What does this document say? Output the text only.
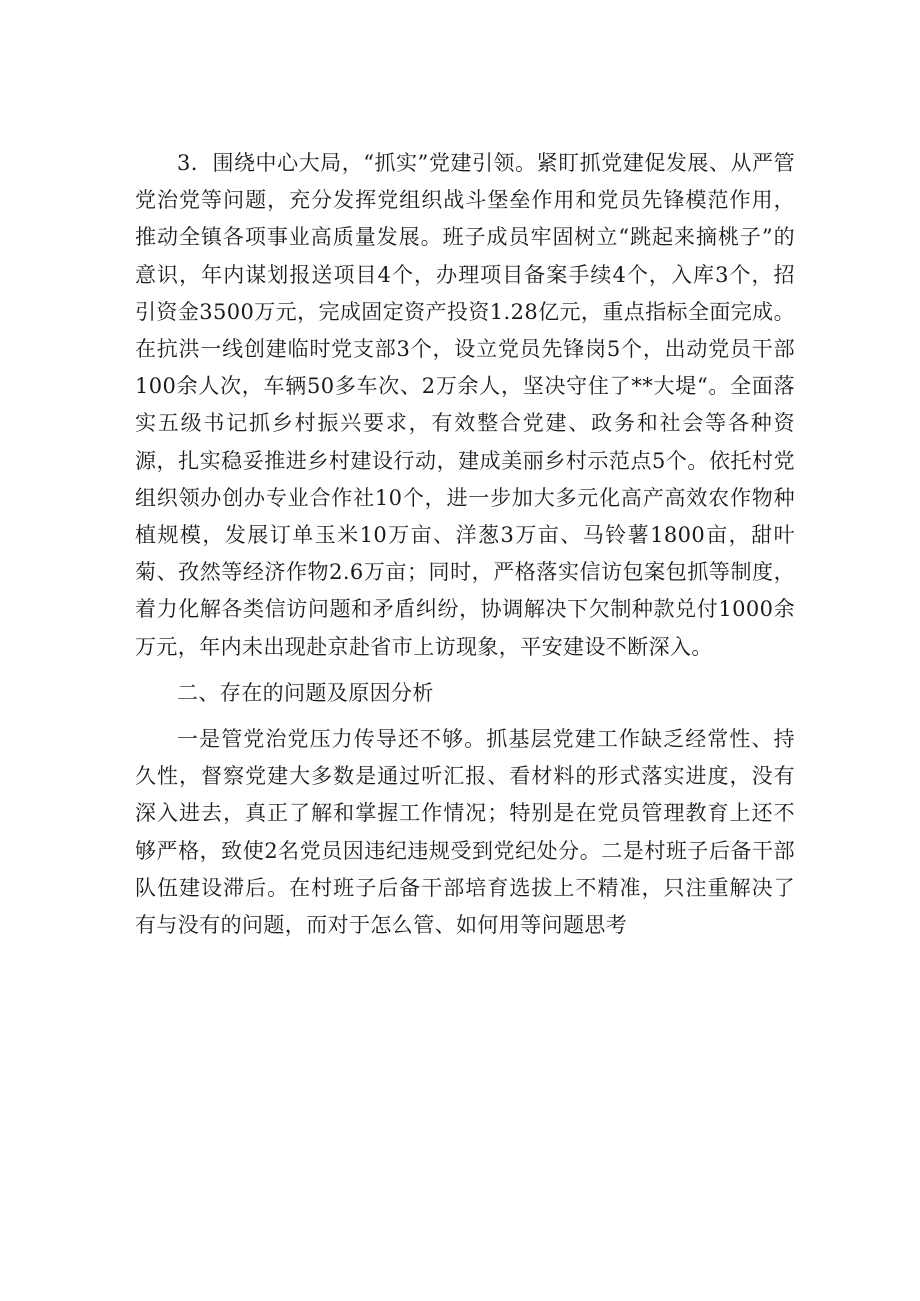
3．围绕中心大局，“抓实”党建引领。紧盯抓党建促发展、从严管党治党等问题，充分发挥党组织战斗堡垒作用和党员先锋模范作用，推动全镇各项事业高质量发展。班子成员牢固树立“跳起来摘桃子”的意识，年内谋划报送项目4个，办理项目备案手续4个，入库3个，招引资金3500万元，完成固定资产投资1.28亿元，重点指标全面完成。在抗洪一线创建临时党支部3个，设立党员先锋岗5个，出动党员干部100余人次，车辆50多车次、2万余人，坚决守住了**大堤“。全面落实五级书记抓乡村振兴要求，有效整合党建、政务和社会等各种资源，扎实稳妥推进乡村建设行动，建成美丽乡村示范点5个。依托村党组织领办创办专业合作社10个，进一步加大多元化高产高效农作物种植规模，发展订单玉米10万亩、洋葱3万亩、马铃薯1800亩，甜叶菊、孜然等经济作物2.6万亩；同时，严格落实信访包案包抓等制度，着力化解各类信访问题和矛盾纠纷，协调解决下欠制种款兑付1000余万元，年内未出现赴京赴省市上访现象，平安建设不断深入。

二、存在的问题及原因分析

一是管党治党压力传导还不够。抓基层党建工作缺乏经常性、持久性，督察党建大多数是通过听汇报、看材料的形式落实进度，没有深入进去，真正了解和掌握工作情况；特别是在党员管理教育上还不够严格，致使2名党员因违纪违规受到党纪处分。二是村班子后备干部队伍建设滞后。在村班子后备干部培育选拔上不精准，只注重解决了有与没有的问题，而对于怎么管、如何用等问题思考
